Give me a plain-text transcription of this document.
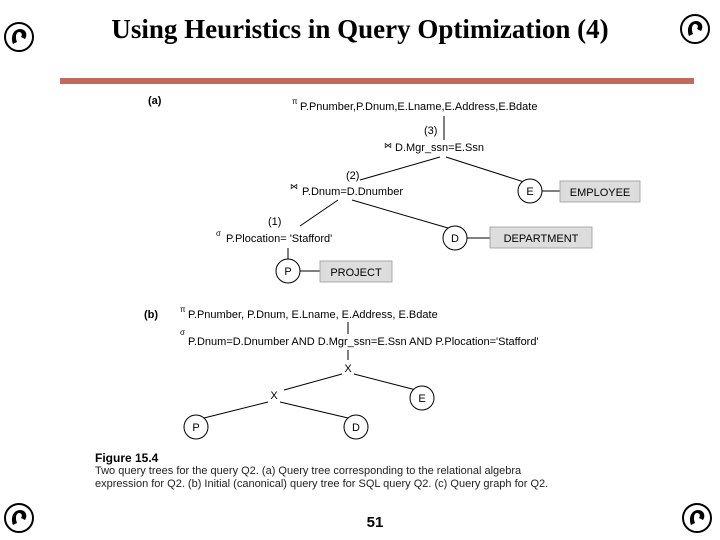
Using Heuristics in Query Optimization (4)
(a)	π P.Pnumber,P.Dnum,E.Lname,E.Address,E.Bdate
(3)
⋈ D.Mgr_ssn=E.Ssn
(2)
⋈ P.Dnum=D.Dnumber	E	EMPLOYEE
(1)
σ P.Plocation= 'Stafford'	D	DEPARTMENT
P	PROJECT
(b)	π P.Pnumber, P.Dnum, E.Lname, E.Address, E.Bdate
σ
P.Dnum=D.Dnumber AND D.Mgr_ssn=E.Ssn AND P.Plocation='Stafford'
X
X	E
P	D
Figure 15.4
Two query trees for the query Q2. (a) Query tree corresponding to the relational algebra
expression for Q2. (b) Initial (canonical) query tree for SQL query Q2. (c) Query graph for Q2.
51
